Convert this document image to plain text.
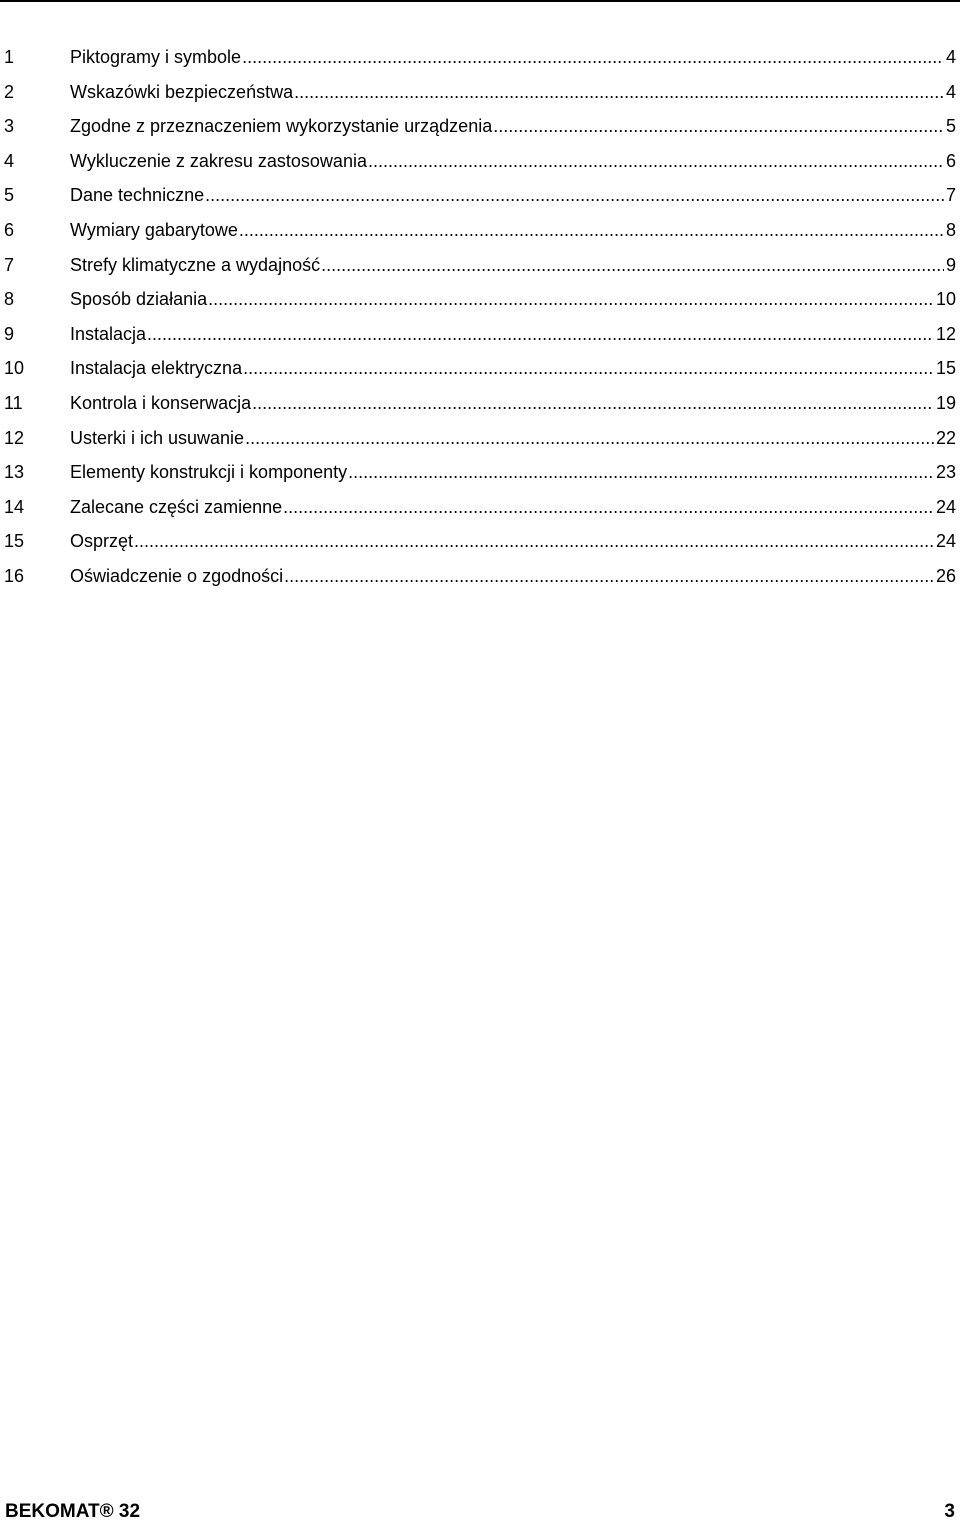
1	Piktogramy i symbole .....	4
2	Wskazówki bezpieczeństwa .....	4
3	Zgodne z przeznaczeniem wykorzystanie urządzenia .....	5
4	Wykluczenie z zakresu zastosowania .....	6
5	Dane techniczne .....	7
6	Wymiary gabarytowe .....	8
7	Strefy klimatyczne a wydajność .....	9
8	Sposób działania .....	10
9	Instalacja .....	12
10	Instalacja elektryczna .....	15
11	Kontrola i konserwacja .....	19
12	Usterki i ich usuwanie .....	22
13	Elementy konstrukcji i komponenty .....	23
14	Zalecane części zamienne .....	24
15	Osprzęt .....	24
16	Oświadczenie o zgodności .....	26
BEKOMAT® 32	3
